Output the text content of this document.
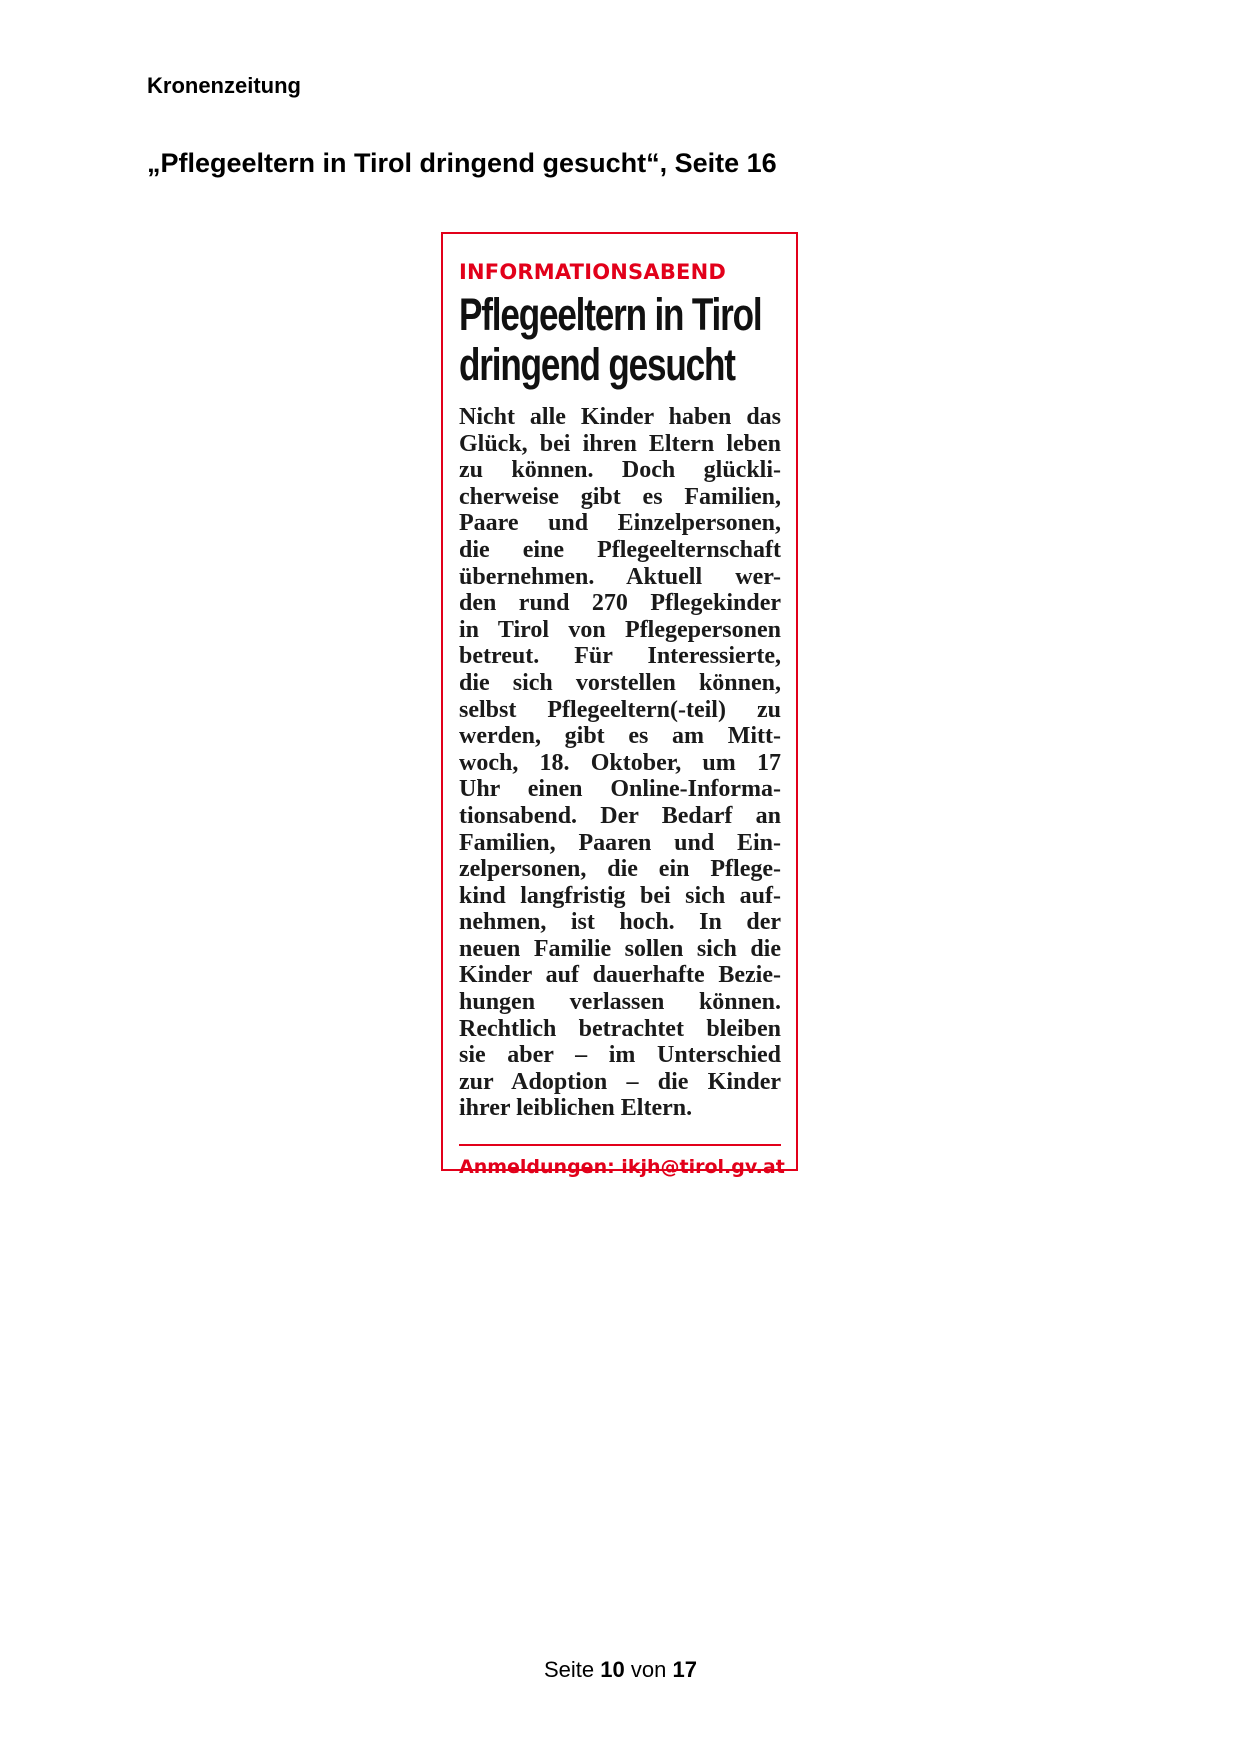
Kronenzeitung
„Pflegeeltern in Tirol dringend gesucht“, Seite 16
INFORMATIONSABEND
Pflegeeltern in Tirol
dringend gesucht
Nicht alle Kinder haben das
Glück, bei ihren Eltern leben
zu können. Doch glückli-
cherweise gibt es Familien,
Paare und Einzelpersonen,
die eine Pflegeelternschaft
übernehmen. Aktuell wer-
den rund 270 Pflegekinder
in Tirol von Pflegepersonen
betreut. Für Interessierte,
die sich vorstellen können,
selbst Pflegeeltern(-teil) zu
werden, gibt es am Mitt-
woch, 18. Oktober, um 17
Uhr einen Online-Informa-
tionsabend. Der Bedarf an
Familien, Paaren und Ein-
zelpersonen, die ein Pflege-
kind langfristig bei sich auf-
nehmen, ist hoch. In der
neuen Familie sollen sich die
Kinder auf dauerhafte Bezie-
hungen verlassen können.
Rechtlich betrachtet bleiben
sie aber – im Unterschied
zur Adoption – die Kinder
ihrer leiblichen Eltern.
Anmeldungen: ikjh@tirol.gv.at
Seite 10 von 17
